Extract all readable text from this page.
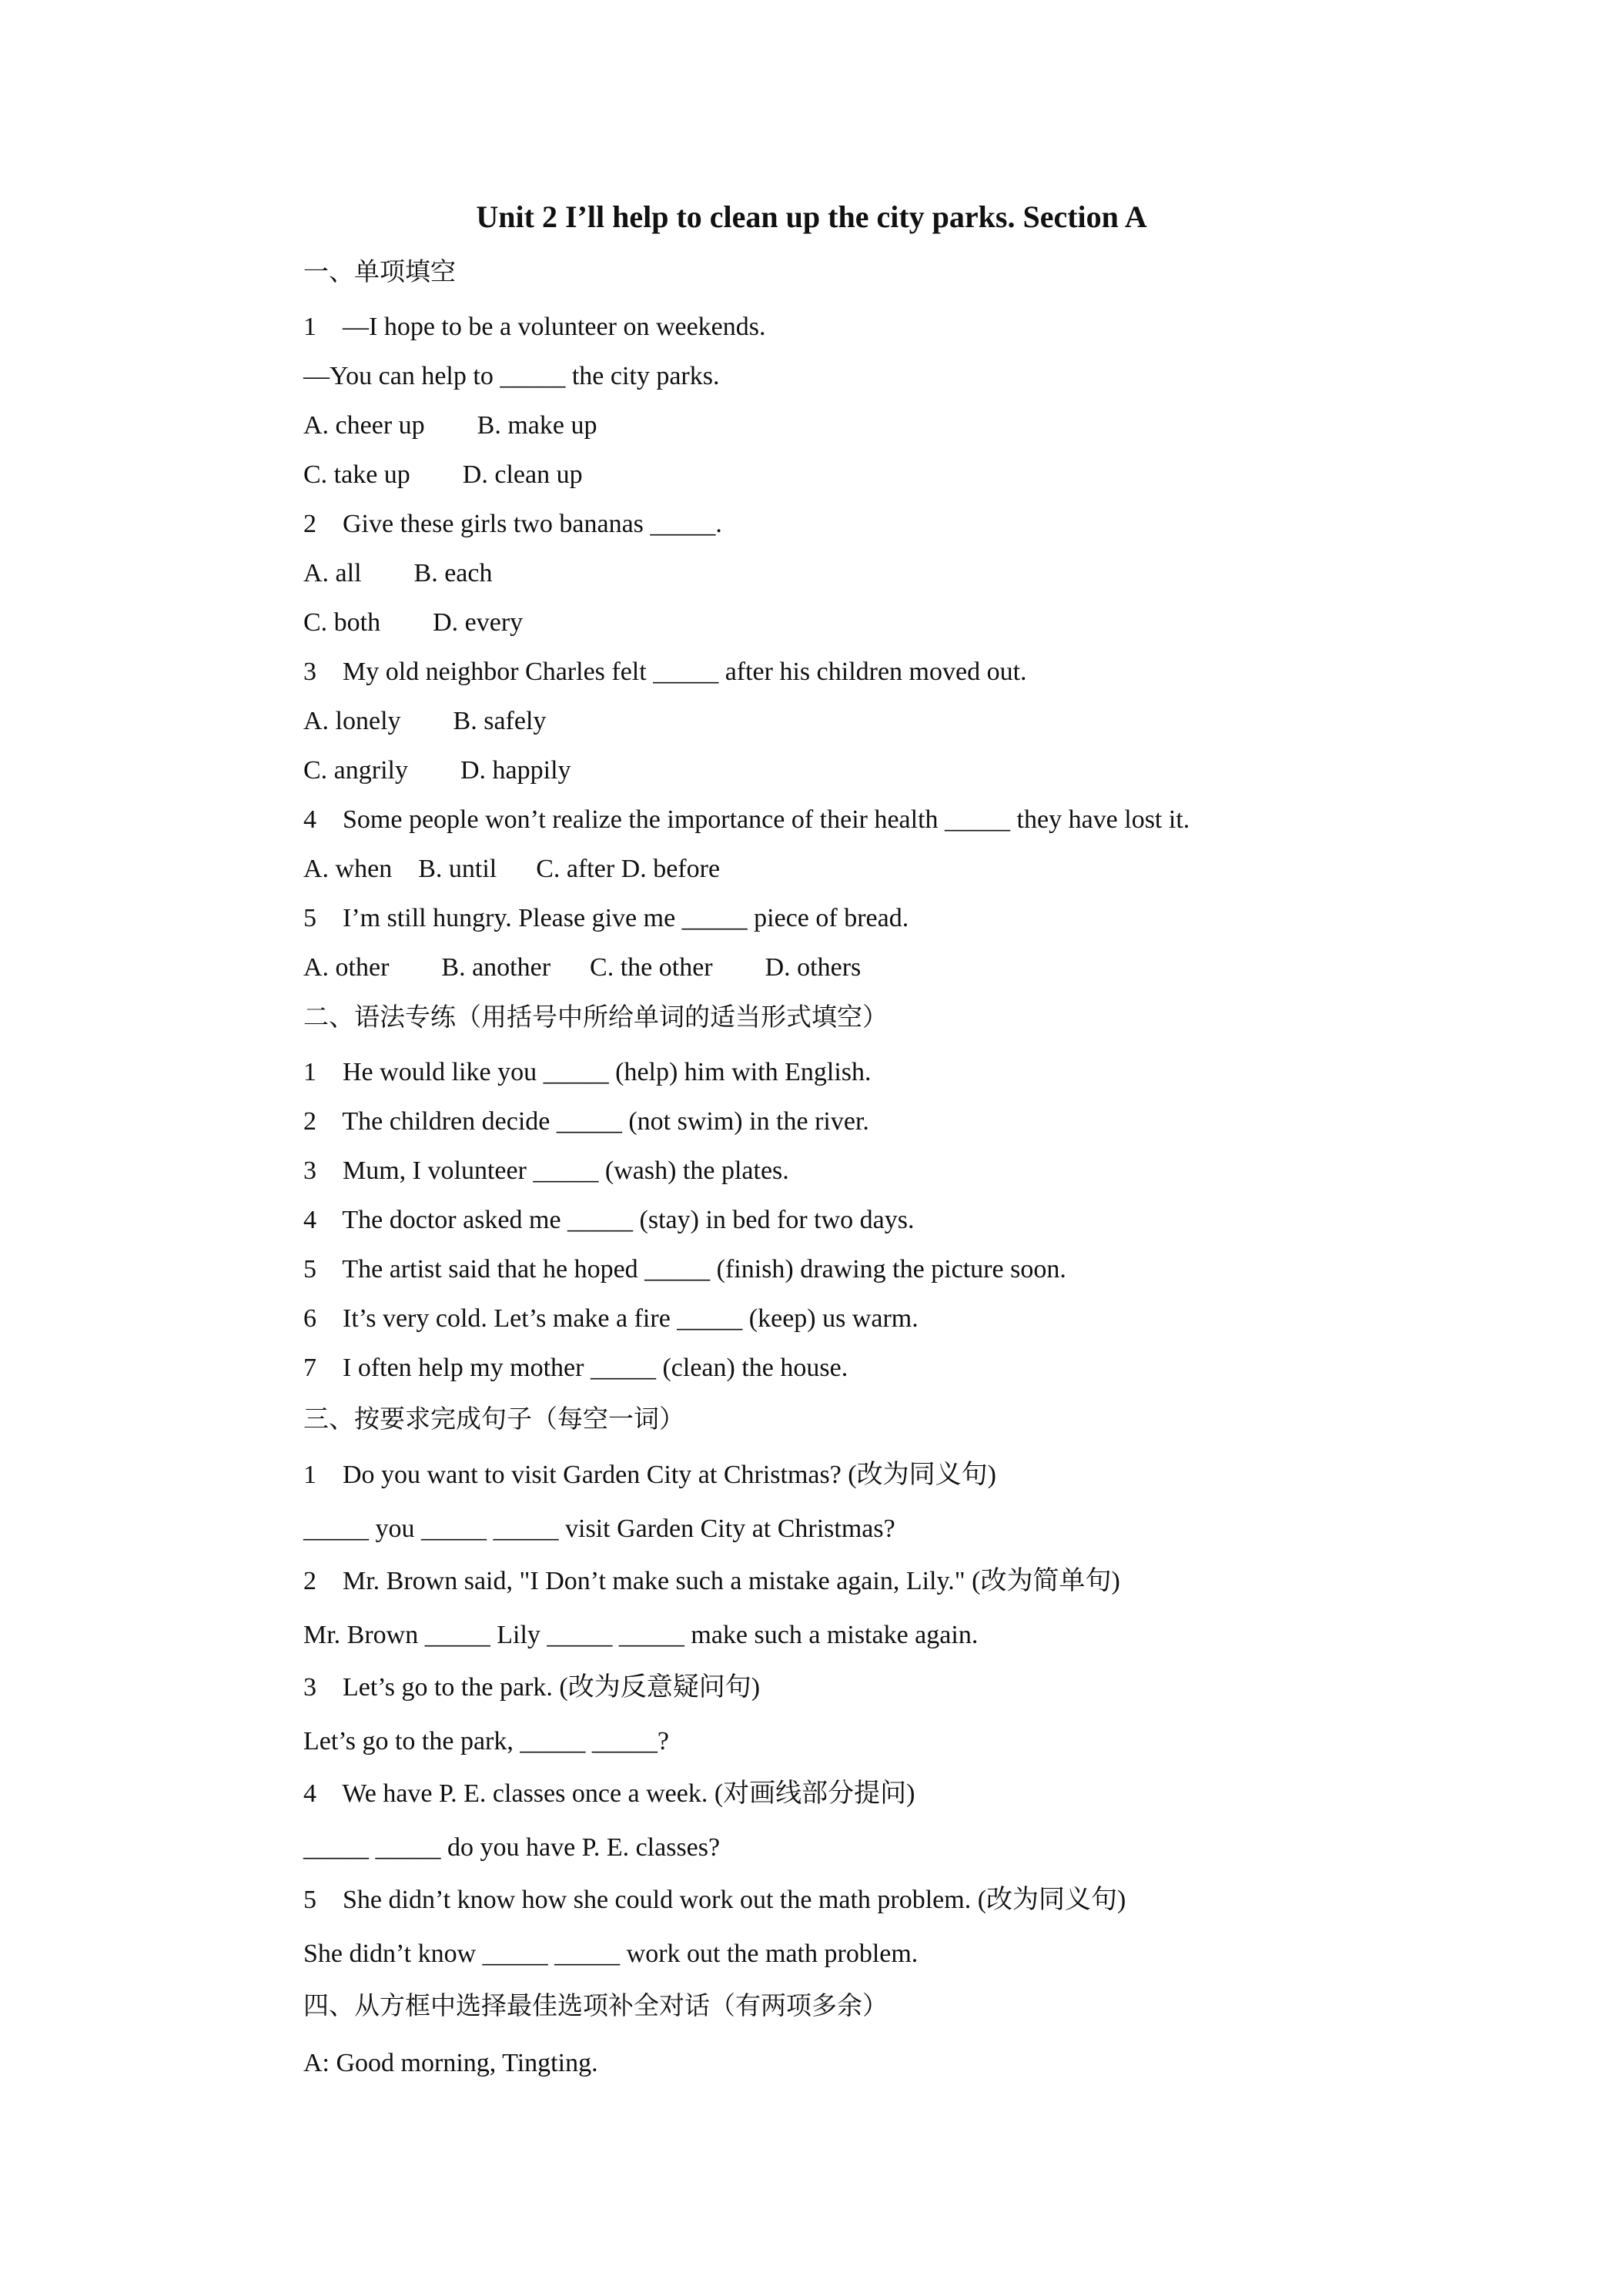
Unit 2 I’ll help to clean up the city parks. Section A
一、单项填空
1    —I hope to be a volunteer on weekends.
—You can help to _____ the city parks.
A. cheer up        B. make up
C. take up        D. clean up
2    Give these girls two bananas _____.
A. all        B. each
C. both        D. every
3    My old neighbor Charles felt _____ after his children moved out.
A. lonely        B. safely
C. angrily        D. happily
4    Some people won’t realize the importance of their health _____ they have lost it.
A. when    B. until      C. after D. before
5    I’m still hungry. Please give me _____ piece of bread.
A. other        B. another      C. the other        D. others
二、语法专练（用括号中所给单词的适当形式填空）
1    He would like you _____ (help) him with English.
2    The children decide _____ (not swim) in the river.
3    Mum, I volunteer _____ (wash) the plates.
4    The doctor asked me _____ (stay) in bed for two days.
5    The artist said that he hoped _____ (finish) drawing the picture soon.
6    It’s very cold. Let’s make a fire _____ (keep) us warm.
7    I often help my mother _____ (clean) the house.
三、按要求完成句子（每空一词）
1    Do you want to visit Garden City at Christmas? (改为同义句)
_____ you _____ _____ visit Garden City at Christmas?
2    Mr. Brown said, "I Don’t make such a mistake again, Lily." (改为简单句)
Mr. Brown _____ Lily _____ _____ make such a mistake again.
3    Let’s go to the park. (改为反意疑问句)
Let’s go to the park, _____ _____?
4    We have P. E. classes once a week. (对画线部分提问)
_____ _____ do you have P. E. classes?
5    She didn’t know how she could work out the math problem. (改为同义句)
She didn’t know _____ _____ work out the math problem.
四、从方框中选择最佳选项补全对话（有两项多余）
A: Good morning, Tingting.
